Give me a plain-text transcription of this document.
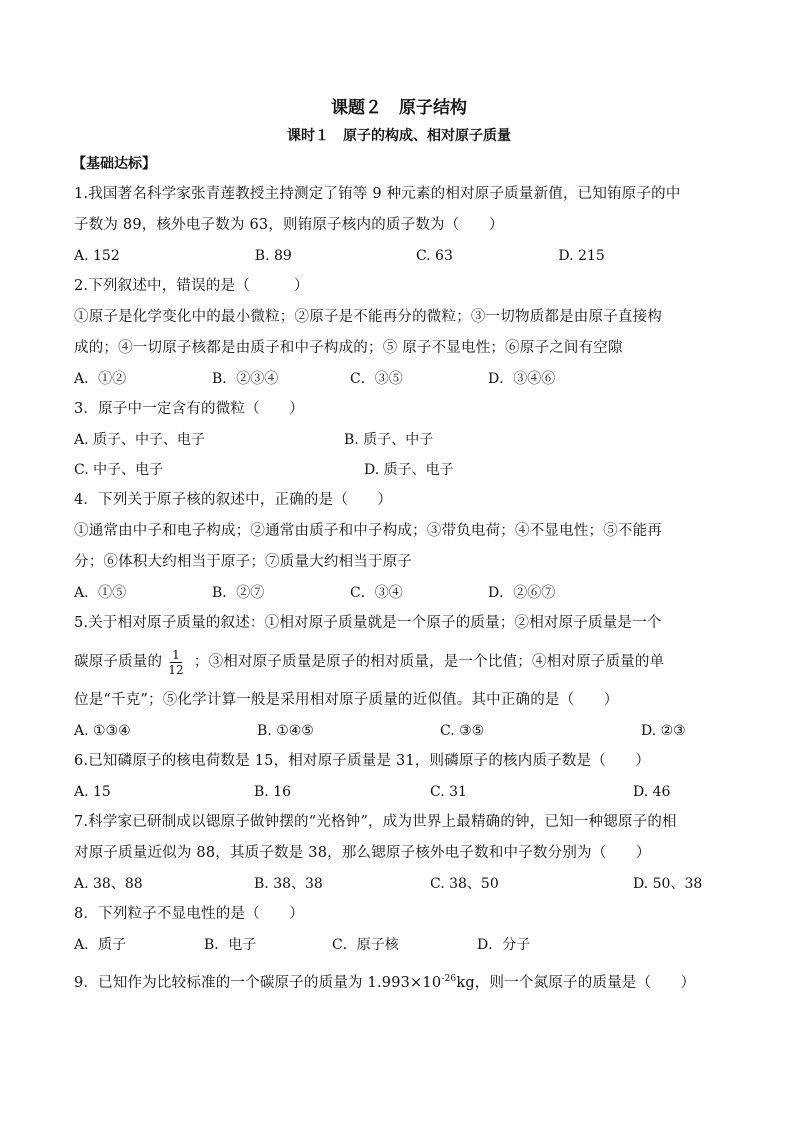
课题２　原子结构
课时１　原子的构成、相对原子质量
【基础达标】

1.我国著名科学家张青莲教授主持测定了铕等 9 种元素的相对原子质量新值，已知铕原子的中

子数为 89，核外电子数为 63，则铕原子核内的质子数为（　　）

A. 152	B. 89	C. 63	D. 215

2.下列叙述中，错误的是（　　　）

①原子是化学变化中的最小微粒；②原子是不能再分的微粒；③一切物质都是由原子直接构

成的；④一切原子核都是由质子和中子构成的；⑤ 原子不显电性；⑥原子之间有空隙

A．①②	B．②③④	C．③⑤	D．③④⑥

3．原子中一定含有的微粒（　　）

A. 质子、中子、电子	B. 质子、中子
C. 中子、电子	D. 质子、电子

4．下列关于原子核的叙述中，正确的是（　　）

①通常由中子和电子构成；②通常由质子和中子构成；③带负电荷；④不显电性；⑤不能再

分；⑥体积大约相当于原子；⑦质量大约相当于原子

A．①⑤	B．②⑦	C．③④	D．②⑥⑦

5.关于相对原子质量的叙述：①相对原子质量就是一个原子的质量；②相对原子质量是一个

碳原子质量的 $\frac{1}{12}$ ；③相对原子质量是原子的相对质量，是一个比值；④相对原子质量的单

位是“千克”；⑤化学计算一般是采用相对原子质量的近似值。其中正确的是（　　）

A. ①③④	B. ①④⑤	C. ③⑤	D. ②③

6.已知磷原子的核电荷数是 15，相对原子质量是 31，则磷原子的核内质子数是（　　）

A. 15	B. 16	C. 31	D. 46

7.科学家已研制成以锶原子做钟摆的“光格钟”，成为世界上最精确的钟，已知一种锶原子的相

对原子质量近似为 88，其质子数是 38，那么锶原子核外电子数和中子数分别为（　　）

A. 38、88	B. 38、38	C. 38、50	D. 50、38

8．下列粒子不显电性的是（　　）

A．质子	B．电子	C．原子核	D．分子

9．已知作为比较标准的一个碳原子的质量为 $1.993\times 10^{-26}kg$，则一个氮原子的质量是（　　）
